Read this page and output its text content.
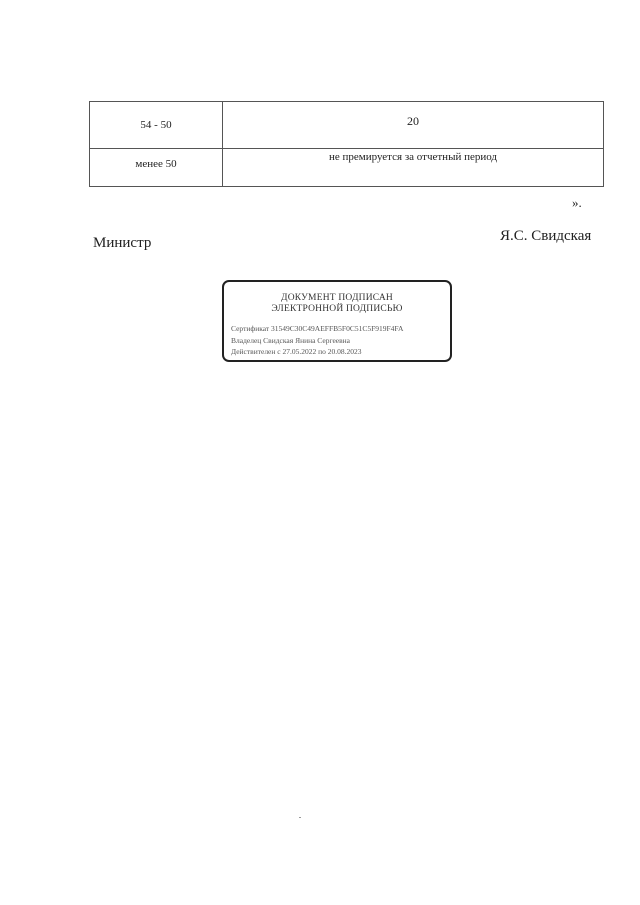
54 - 50	20
менее 50
не премируется за отчетный период
».
Министр	Я.С. Свидская
ДОКУМЕНТ ПОДПИСАН
ЭЛЕКТРОННОЙ ПОДПИСЬЮ
Сертификат 31549C30C49AEFFB5F0C51C5F919F4FA
Владелец Свидская Янина Сергеевна
Действителен с 27.05.2022 по 20.08.2023
